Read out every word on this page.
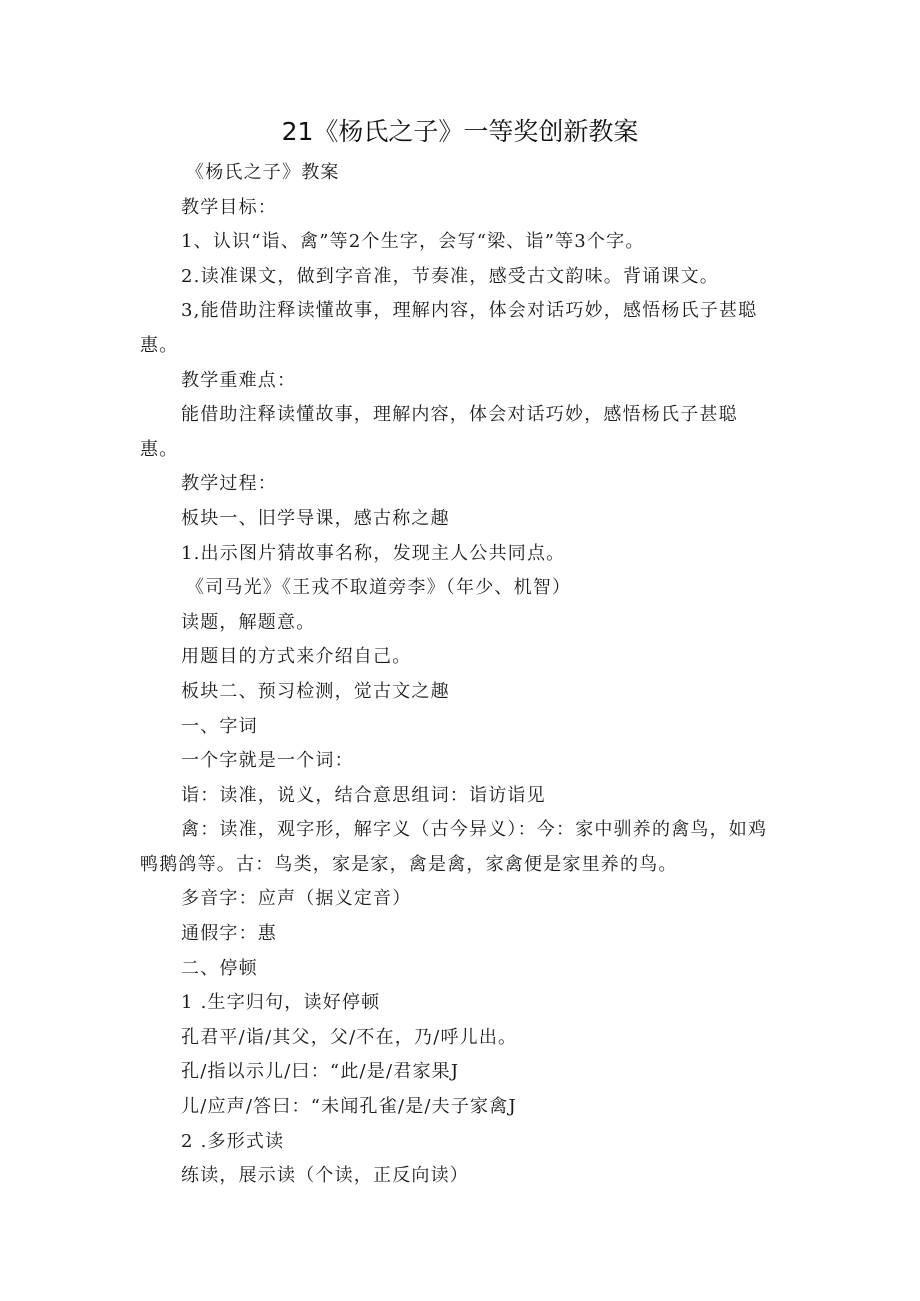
21《杨氏之子》一等奖创新教案

《杨氏之子》教案

教学目标：

1、认识“诣、禽”等2个生字，会写“梁、诣”等3个字。

2.读准课文，做到字音准，节奏准，感受古文韵味。背诵课文。

3,能借助注释读懂故事，理解内容，体会对话巧妙，感悟杨氏子甚聪惠。

教学重难点：

能借助注释读懂故事，理解内容，体会对话巧妙，感悟杨氏子甚聪惠。

教学过程：

板块一、旧学导课，感古称之趣

1.出示图片猜故事名称，发现主人公共同点。

《司马光》《王戎不取道旁李》（年少、机智）

读题，解题意。

用题目的方式来介绍自己。

板块二、预习检测，觉古文之趣

一、字词

一个字就是一个词：

诣：读准，说义，结合意思组词：诣访诣见

禽：读准，观字形，解字义（古今异义）：今：家中驯养的禽鸟，如鸡鸭鹅鸽等。古：鸟类，家是家，禽是禽，家禽便是家里养的鸟。

多音字：应声（据义定音）

通假字：惠

二、停顿

1 .生字归句，读好停顿

孔君平/诣/其父，父/不在，乃/呼儿出。

孔/指以示儿/曰：“此/是/君家果J

儿/应声/答曰：“未闻孔雀/是/夫子家禽J

2 .多形式读

练读，展示读（个读，正反向读）
